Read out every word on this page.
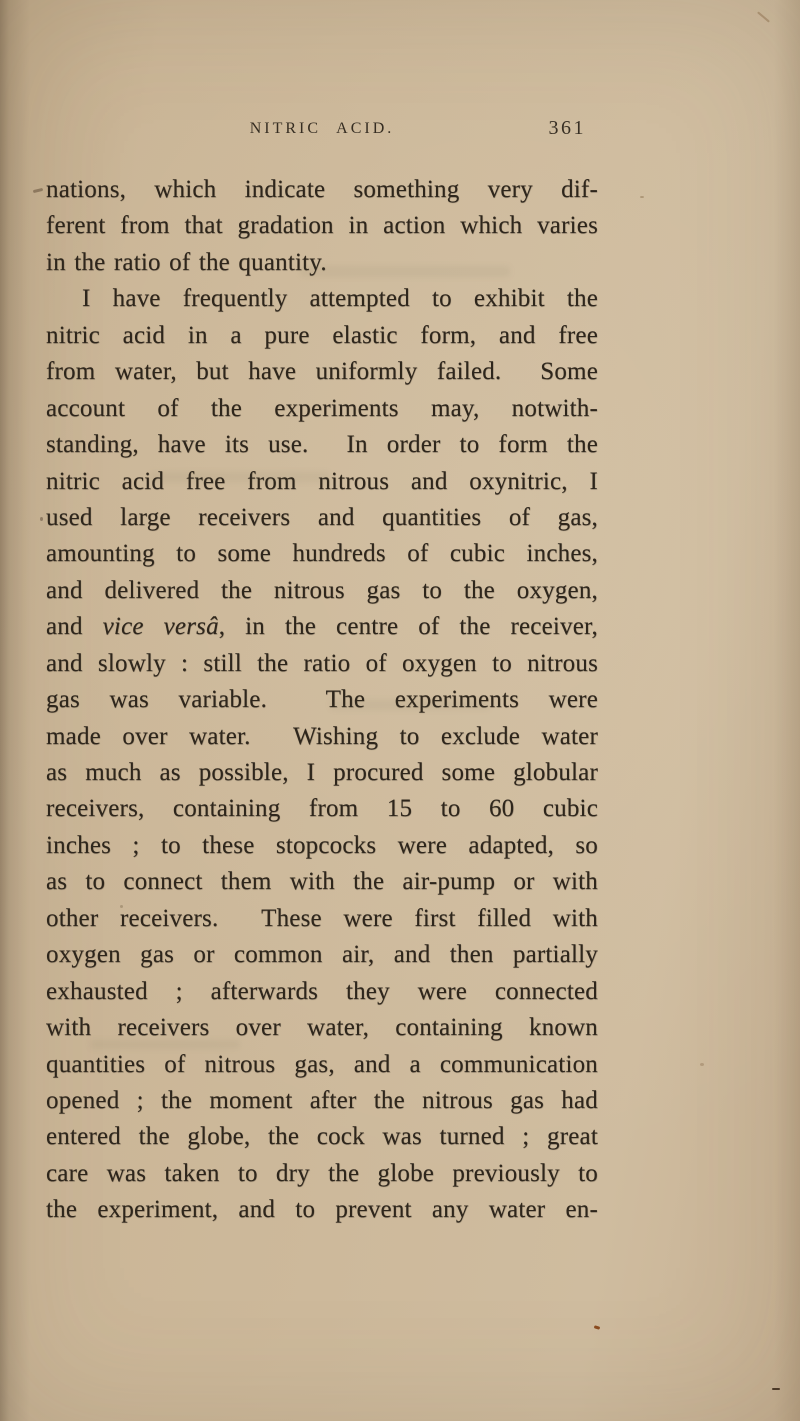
NITRIC ACID.	361
nations, which indicate something very dif-
ferent from that gradation in action which varies
in the ratio of the quantity.
I have frequently attempted to exhibit the
nitric acid in a pure elastic form, and free
from water, but have uniformly failed.  Some
account of the experiments may, notwith-
standing, have its use.  In order to form the
nitric acid free from nitrous and oxynitric, I
used large receivers and quantities of gas,
amounting to some hundreds of cubic inches,
and delivered the nitrous gas to the oxygen,
and vice versâ, in the centre of the receiver,
and slowly : still the ratio of oxygen to nitrous
gas was variable.  The experiments were
made over water.  Wishing to exclude water
as much as possible, I procured some globular
receivers, containing from 15 to 60 cubic
inches ; to these stopcocks were adapted, so
as to connect them with the air-pump or with
other receivers.  These were first filled with
oxygen gas or common air, and then partially
exhausted ; afterwards they were connected
with receivers over water, containing known
quantities of nitrous gas, and a communication
opened ; the moment after the nitrous gas had
entered the globe, the cock was turned ; great
care was taken to dry the globe previously to
the experiment, and to prevent any water en-
